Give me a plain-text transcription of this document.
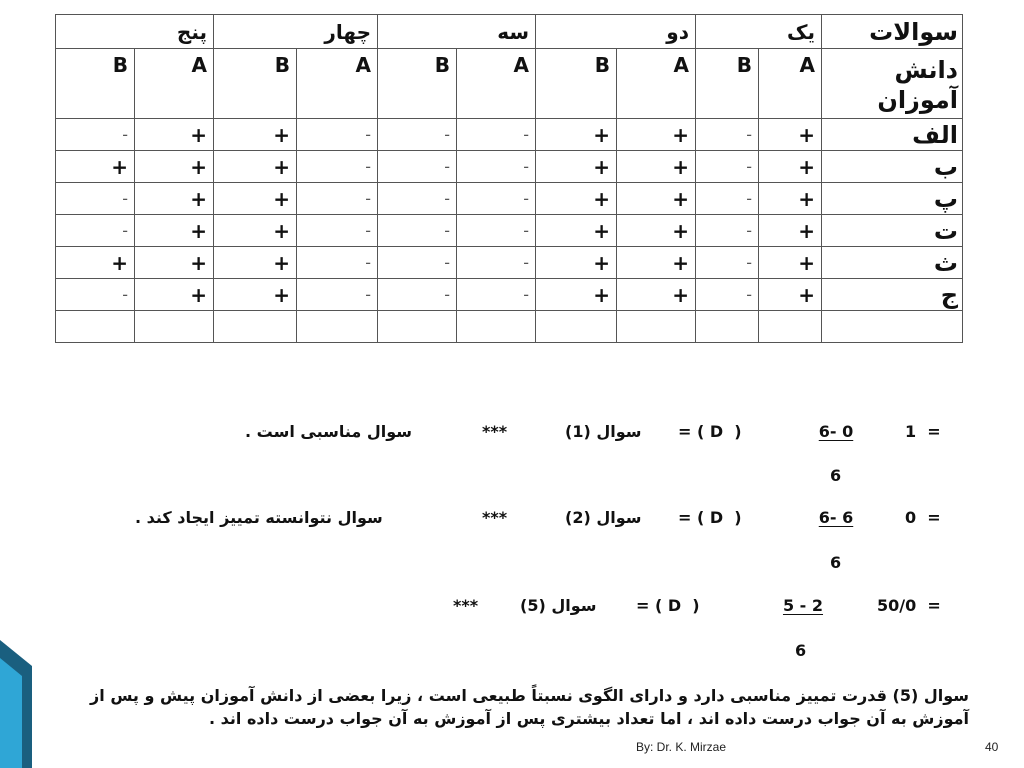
پنج		چهار		سه		دو		یک		سوالات
B	A	B	A	B	A	B	A	B	A	دانش آموزان
-	+	+	-	-	-	+	+	-	+	الف
+	+	+	-	-	-	+	+	-	+	ب
-	+	+	-	-	-	+	+	-	+	پ
-	+	+	-	-	-	+	+	-	+	ت
+	+	+	-	-	-	+	+	-	+	ث
-	+	+	-	-	-	+	+	-	+	ج

1  =
6- 0
= ( D  )
سوال (1)
***
سوال مناسبی است .
6
0  =
6- 6
= ( D  )
سوال (2)
***
سوال نتوانسته تمییز ایجاد کند .
6
50/0  =
5 - 2
= ( D  )
سوال (5)
***
6
سوال (5) قدرت تمییز مناسبی دارد و دارای الگوی نسبتاً طبیعی است ، زیرا بعضی از دانش آموزان پیش و پس از آموزش به آن جواب درست داده اند ، اما تعداد بیشتری پس از آموزش به آن جواب درست داده اند .
By: Dr. K. Mirzae	40
